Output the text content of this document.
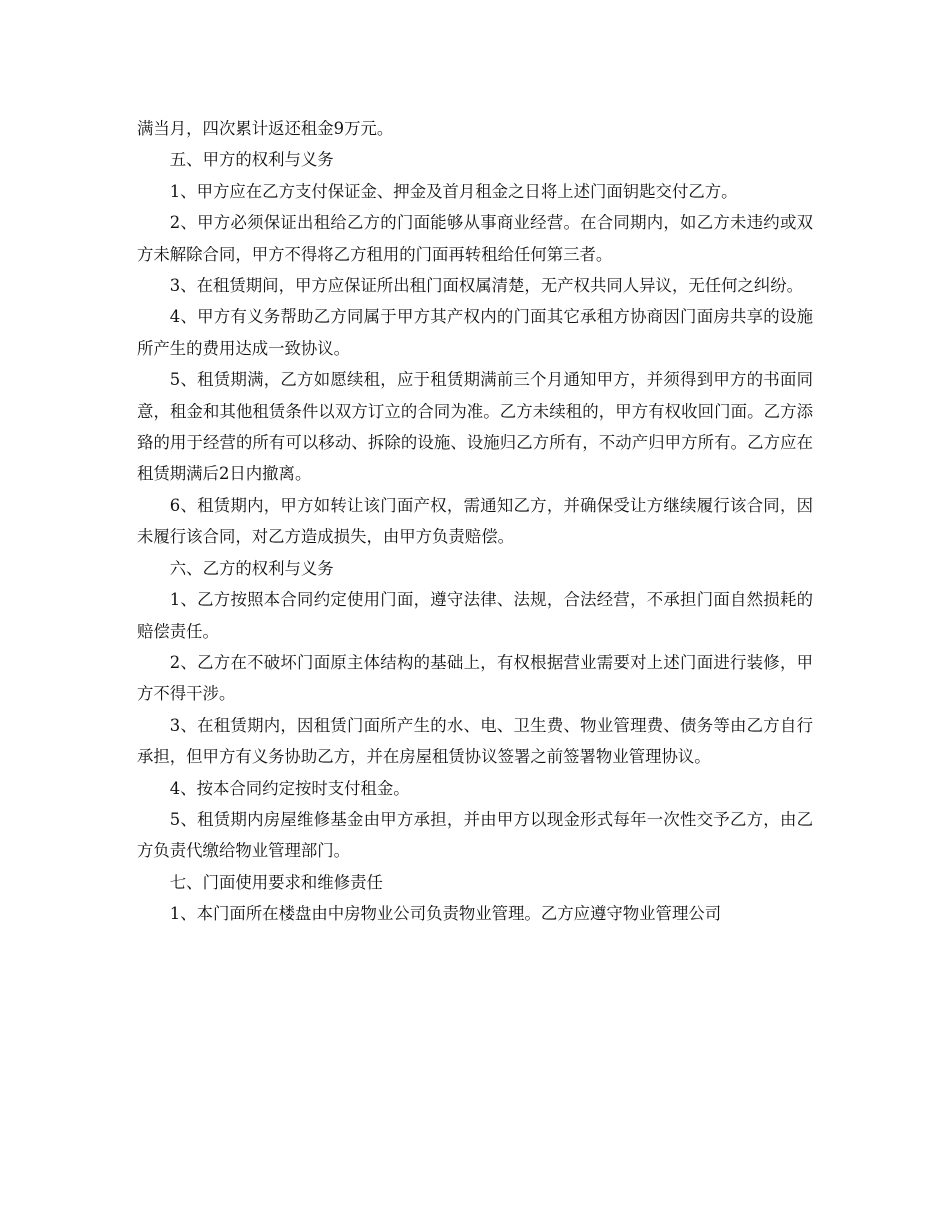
满当月，四次累计返还租金9万元。

五、甲方的权利与义务

1、甲方应在乙方支付保证金、押金及首月租金之日将上述门面钥匙交付乙方。

2、甲方必须保证出租给乙方的门面能够从事商业经营。在合同期内，如乙方未违约或双方未解除合同，甲方不得将乙方租用的门面再转租给任何第三者。

3、在租赁期间，甲方应保证所出租门面权属清楚，无产权共同人异议，无任何之纠纷。

4、甲方有义务帮助乙方同属于甲方其产权内的门面其它承租方协商因门面房共享的设施所产生的费用达成一致协议。

5、租赁期满，乙方如愿续租，应于租赁期满前三个月通知甲方，并须得到甲方的书面同意，租金和其他租赁条件以双方订立的合同为准。乙方未续租的，甲方有权收回门面。乙方添臵的用于经营的所有可以移动、拆除的设施、设施归乙方所有，不动产归甲方所有。乙方应在租赁期满后2日内撤离。

6、租赁期内，甲方如转让该门面产权，需通知乙方，并确保受让方继续履行该合同，因未履行该合同，对乙方造成损失，由甲方负责赔偿。

六、乙方的权利与义务

1、乙方按照本合同约定使用门面，遵守法律、法规，合法经营，不承担门面自然损耗的赔偿责任。

2、乙方在不破坏门面原主体结构的基础上，有权根据营业需要对上述门面进行装修，甲方不得干涉。

3、在租赁期内，因租赁门面所产生的水、电、卫生费、物业管理费、债务等由乙方自行承担，但甲方有义务协助乙方，并在房屋租赁协议签署之前签署物业管理协议。

4、按本合同约定按时支付租金。

5、租赁期内房屋维修基金由甲方承担，并由甲方以现金形式每年一次性交予乙方，由乙方负责代缴给物业管理部门。

七、门面使用要求和维修责任

1、本门面所在楼盘由中房物业公司负责物业管理。乙方应遵守物业管理公司
